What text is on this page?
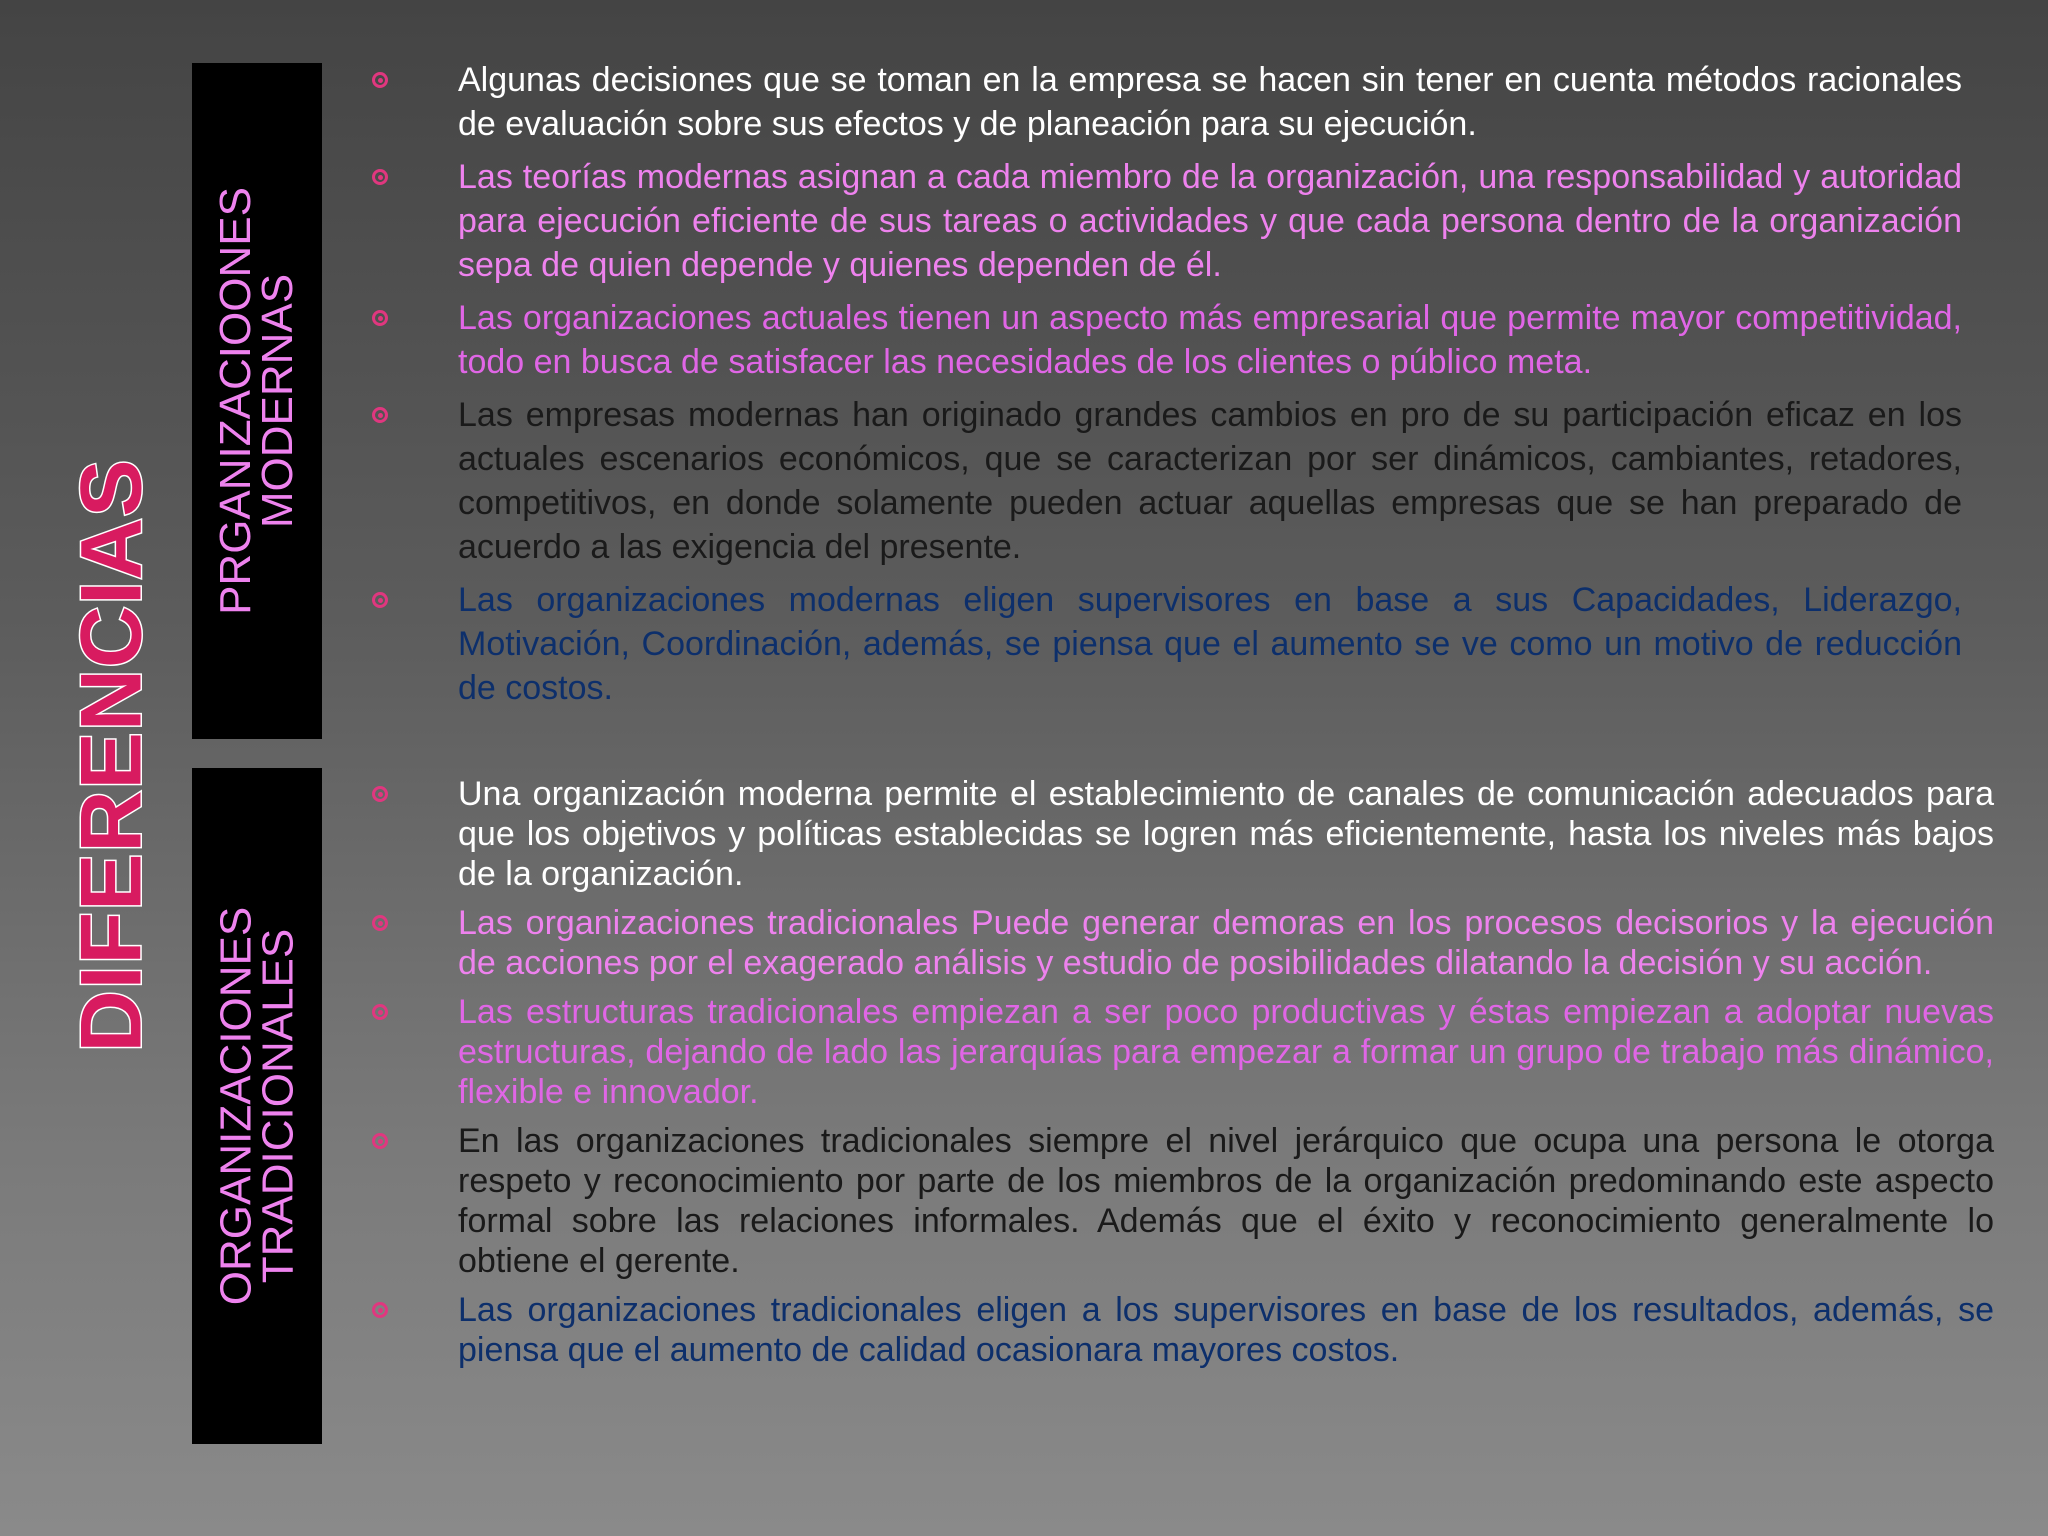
DIFERENCIAS
PRGANIZACIOONES
MODERNAS
Algunas decisiones que se toman en la empresa se hacen sin tener en cuenta métodos racionales de evaluación sobre sus efectos y de planeación para su ejecución.
Las teorías modernas asignan a cada miembro de la organización, una responsabilidad y autoridad para ejecución eficiente de sus tareas o actividades y que cada persona dentro de la organización sepa de quien depende y quienes dependen de él.
Las organizaciones actuales tienen un aspecto más empresarial que permite mayor competitividad, todo en busca de satisfacer las necesidades de los clientes o público meta.
Las empresas modernas han originado grandes cambios en pro de su participación eficaz en los actuales escenarios económicos, que se caracterizan por ser dinámicos, cambiantes, retadores, competitivos, en donde solamente pueden actuar aquellas empresas que se han preparado de acuerdo a las exigencia del presente.
Las organizaciones modernas eligen supervisores en base a sus Capacidades, Liderazgo, Motivación, Coordinación, además, se piensa que el aumento se ve como un motivo de reducción de costos.
ORGANIZACIONES
TRADICIONALES
Una organización moderna permite el establecimiento de canales de comunicación adecuados para que los objetivos y políticas establecidas se logren más eficientemente, hasta los niveles más bajos de la organización.
Las organizaciones tradicionales Puede generar demoras en los procesos decisorios y la ejecución de acciones por el exagerado análisis y estudio de posibilidades dilatando la decisión y su acción.
Las estructuras tradicionales empiezan a ser poco productivas y éstas empiezan a adoptar nuevas estructuras, dejando de lado las jerarquías para empezar a formar un grupo de trabajo más dinámico, flexible e innovador.
En las organizaciones tradicionales siempre el nivel jerárquico que ocupa una persona le otorga respeto y reconocimiento por parte de los miembros de la organización predominando este aspecto formal sobre las relaciones informales. Además que el éxito y reconocimiento generalmente lo obtiene el gerente.
Las organizaciones tradicionales eligen a los supervisores en base de los resultados, además, se piensa que el aumento de calidad ocasionara mayores costos.
